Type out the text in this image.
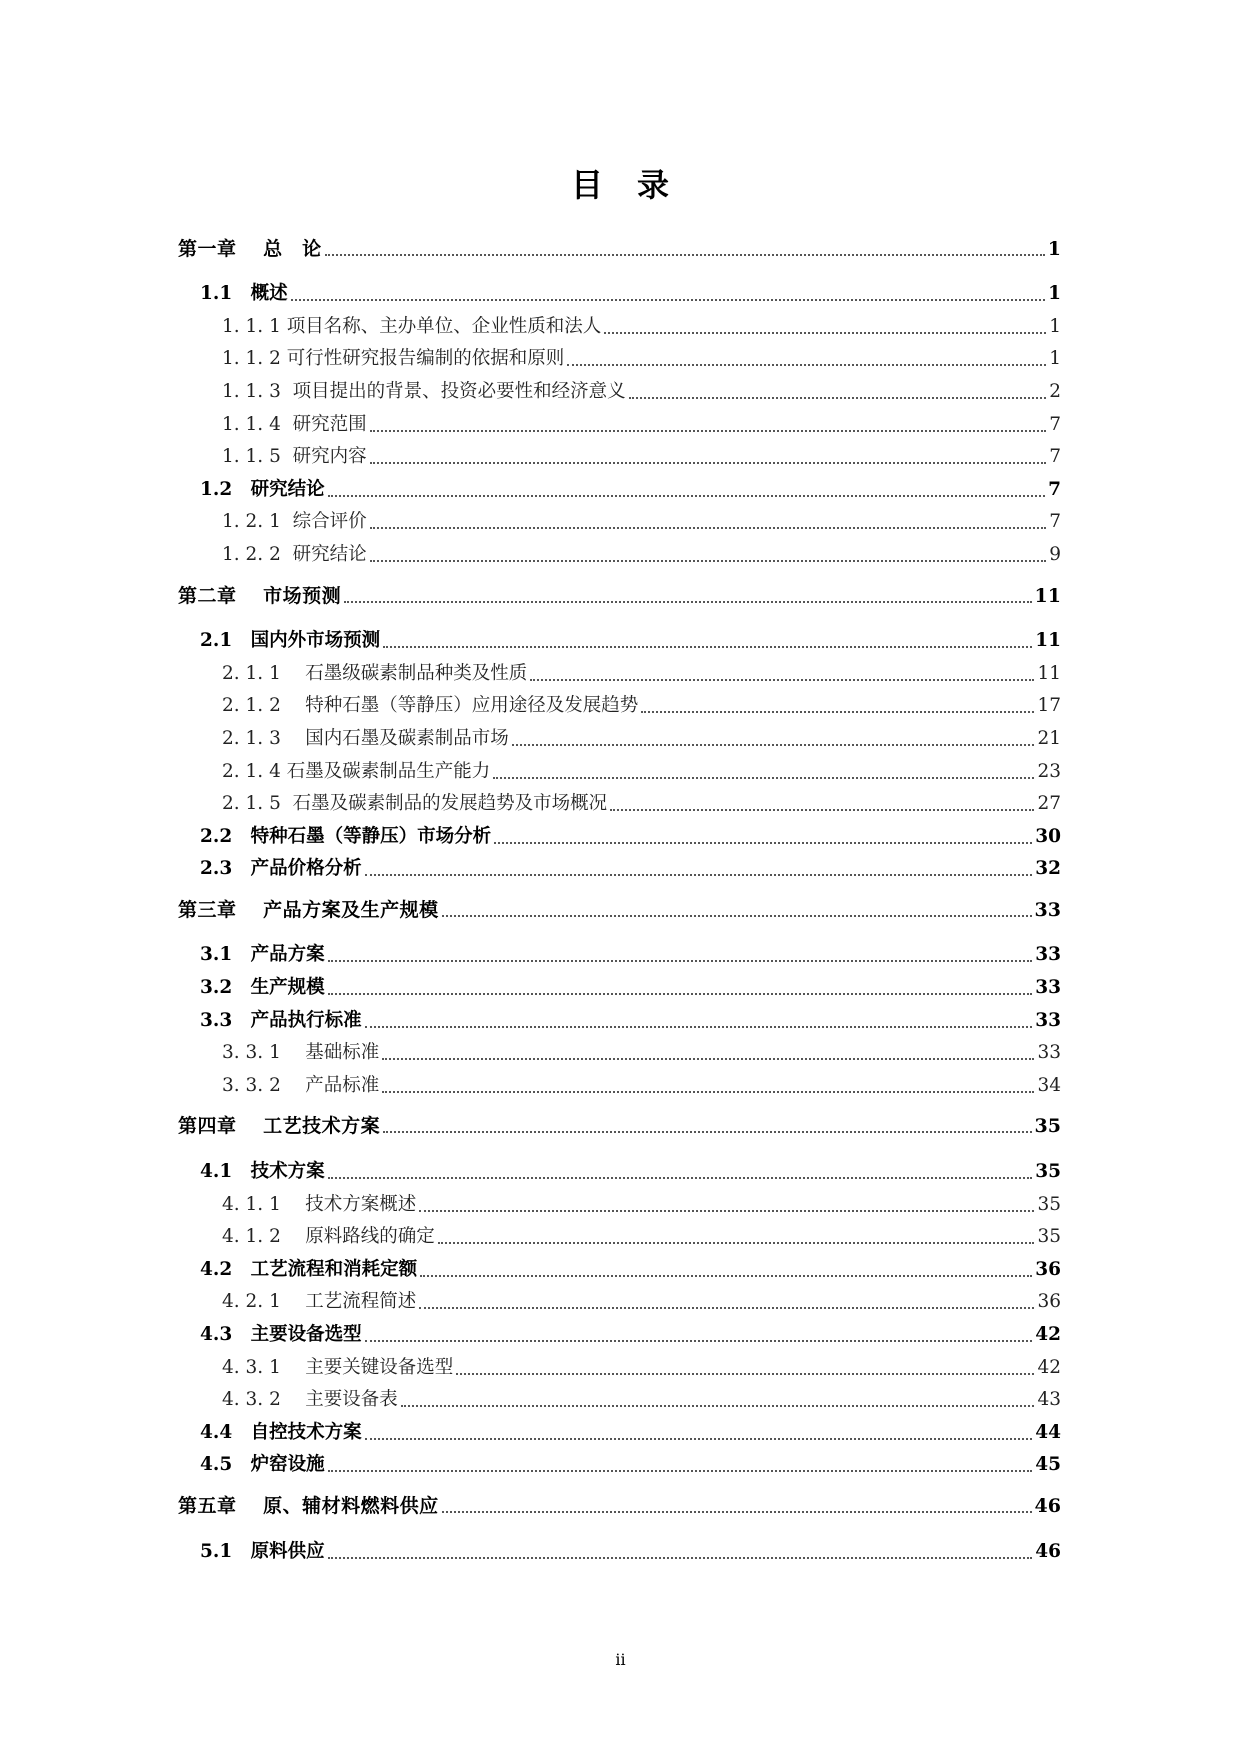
目　录
第一章　 总　论	1
1.1　概述	1
1. 1. 1 项目名称、主办单位、企业性质和法人	1
1. 1. 2 可行性研究报告编制的依据和原则	1
1. 1. 3  项目提出的背景、投资必要性和经济意义	2
1. 1. 4  研究范围	7
1. 1. 5  研究内容	7
1.2　研究结论	7
1. 2. 1  综合评价	7
1. 2. 2  研究结论	9
第二章　 市场预测	11
2.1　国内外市场预测	11
2. 1. 1　 石墨级碳素制品种类及性质	11
2. 1. 2　 特种石墨（等静压）应用途径及发展趋势	17
2. 1. 3　 国内石墨及碳素制品市场	21
2. 1. 4 石墨及碳素制品生产能力	23
2. 1. 5  石墨及碳素制品的发展趋势及市场概况	27
2.2　特种石墨（等静压）市场分析	30
2.3　产品价格分析	32
第三章　 产品方案及生产规模	33
3.1　产品方案	33
3.2　生产规模	33
3.3　产品执行标准	33
3. 3. 1　 基础标准	33
3. 3. 2　 产品标准	34
第四章　 工艺技术方案	35
4.1　技术方案	35
4. 1. 1　 技术方案概述	35
4. 1. 2　 原料路线的确定	35
4.2　工艺流程和消耗定额	36
4. 2. 1　 工艺流程简述	36
4.3　主要设备选型	42
4. 3. 1　 主要关键设备选型	42
4. 3. 2　 主要设备表	43
4.4　自控技术方案	44
4.5　炉窑设施	45
第五章　 原、辅材料燃料供应	46
5.1　原料供应	46
ii
